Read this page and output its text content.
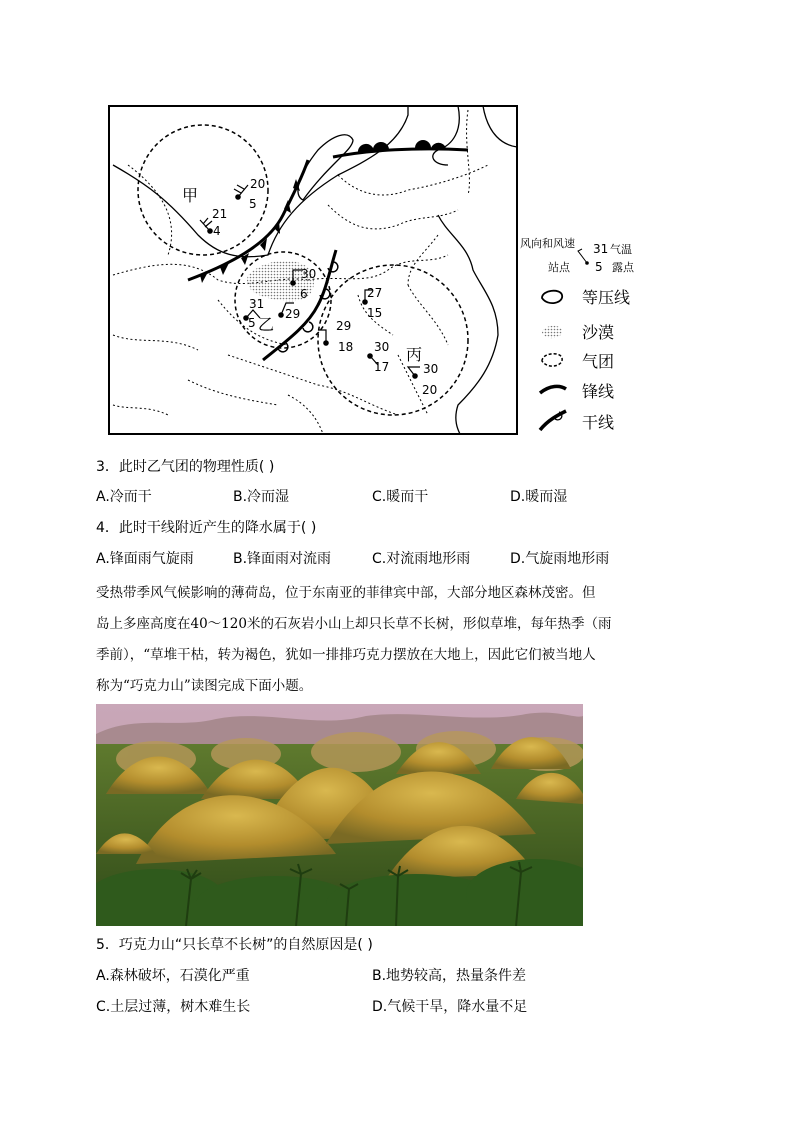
甲
乙
丙
20
5
21
4
30
6
31
5
29
27
15
29
18 30
17	30
20
风向和风速 31 气温
站点 5 露点
等压线
沙漠
气团
锋线
干线
3．此时乙气团的物理性质( )
A.冷而干	B.冷而湿	C.暖而干	D.暖而湿
4．此时干线附近产生的降水属于( )
A.锋面雨气旋雨	B.锋面雨对流雨	C.对流雨地形雨	D.气旋雨地形雨
受热带季风气候影响的薄荷岛，位于东南亚的菲律宾中部，大部分地区森林茂密。但
岛上多座高度在40～120米的石灰岩小山上却只长草不长树，形似草堆，每年热季（雨
季前），“草堆干枯，转为褐色，犹如一排排巧克力摆放在大地上，因此它们被当地人
称为“巧克力山”读图完成下面小题。
5．巧克力山“只长草不长树”的自然原因是( )
A.森林破坏，石漠化严重	B.地势较高，热量条件差
C.土层过薄，树木难生长	D.气候干旱，降水量不足
